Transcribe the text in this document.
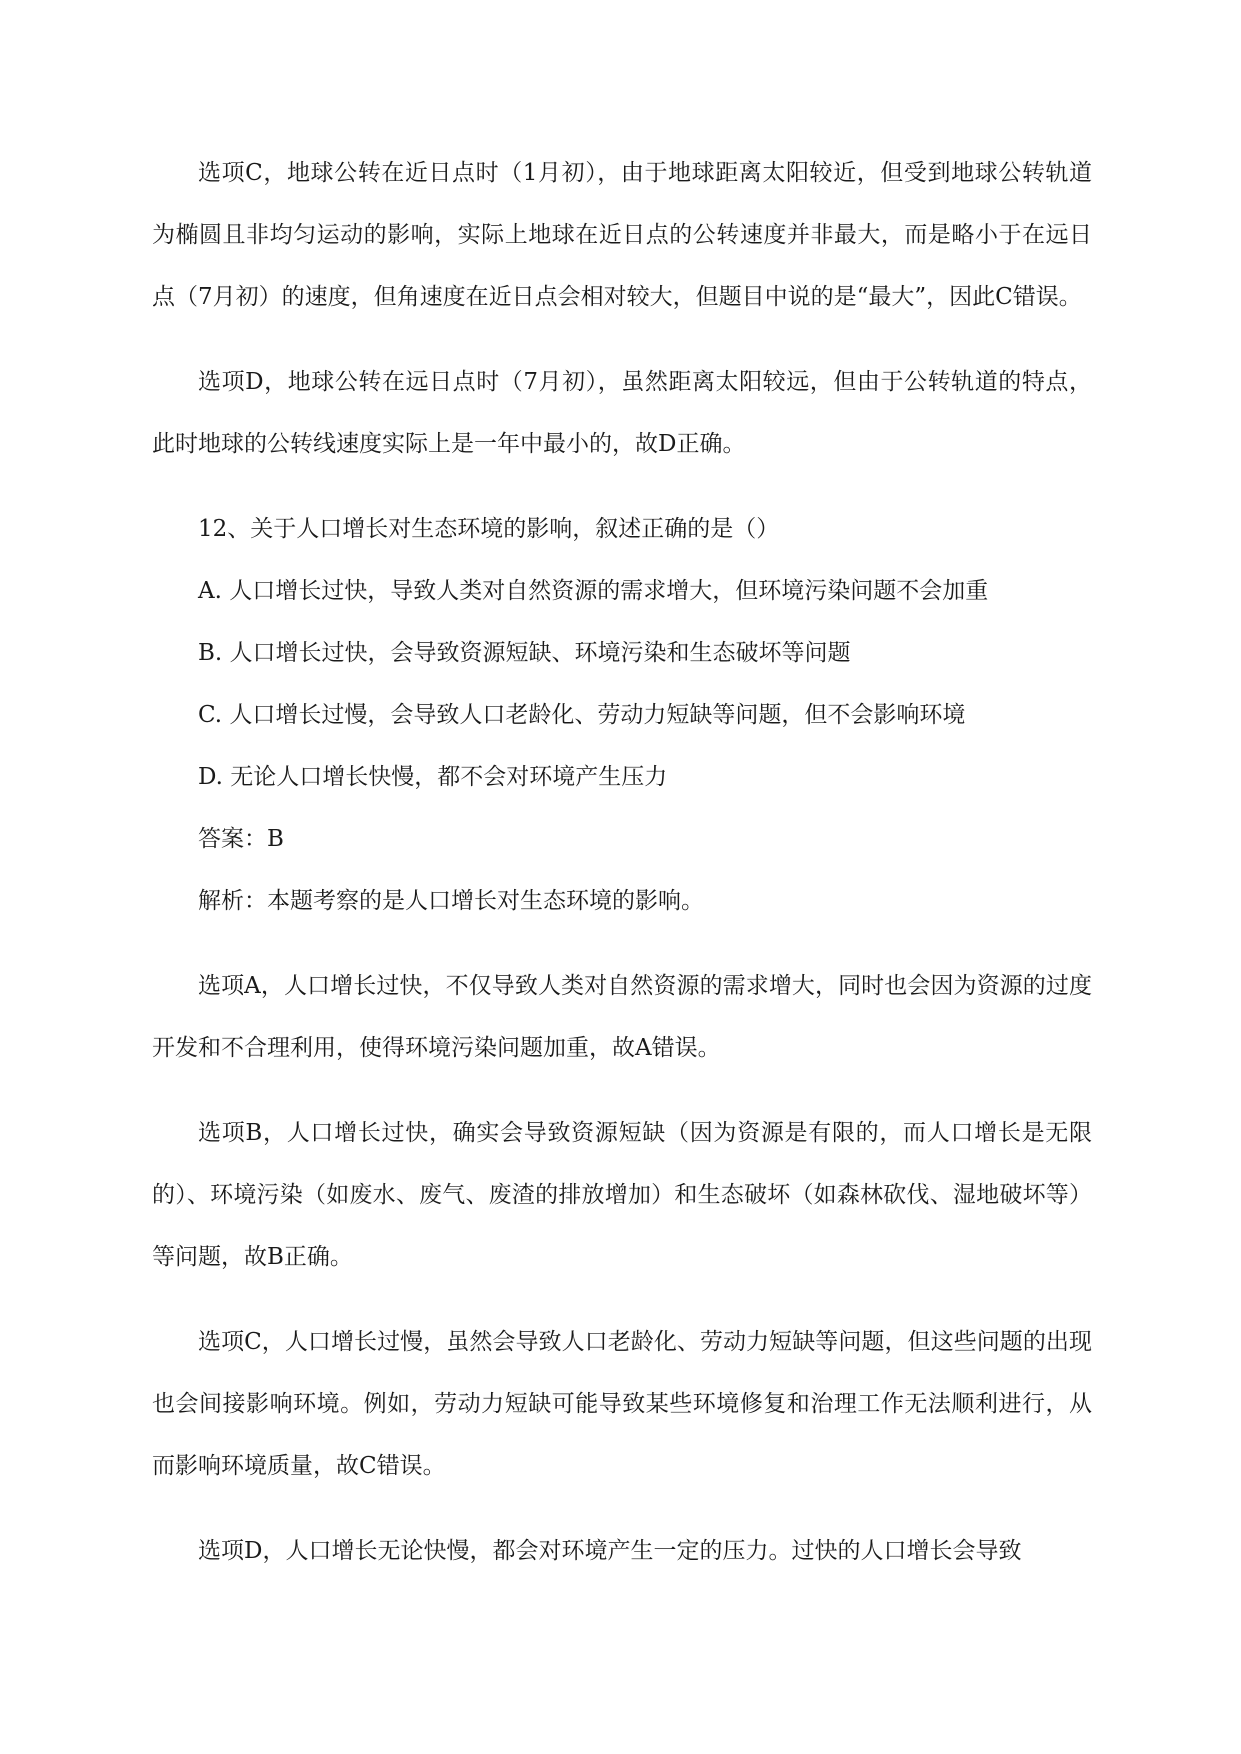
选项C，地球公转在近日点时（1月初），由于地球距离太阳较近，但受到地球公转轨道为椭圆且非均匀运动的影响，实际上地球在近日点的公转速度并非最大，而是略小于在远日点（7月初）的速度，但角速度在近日点会相对较大，但题目中说的是“最大”，因此C错误。

选项D，地球公转在远日点时（7月初），虽然距离太阳较远，但由于公转轨道的特点，此时地球的公转线速度实际上是一年中最小的，故D正确。

12、关于人口增长对生态环境的影响，叙述正确的是（）

A. 人口增长过快，导致人类对自然资源的需求增大，但环境污染问题不会加重

B. 人口增长过快，会导致资源短缺、环境污染和生态破坏等问题

C. 人口增长过慢，会导致人口老龄化、劳动力短缺等问题，但不会影响环境

D. 无论人口增长快慢，都不会对环境产生压力

答案：B

解析：本题考察的是人口增长对生态环境的影响。

选项A，人口增长过快，不仅导致人类对自然资源的需求增大，同时也会因为资源的过度开发和不合理利用，使得环境污染问题加重，故A错误。

选项B，人口增长过快，确实会导致资源短缺（因为资源是有限的，而人口增长是无限的）、环境污染（如废水、废气、废渣的排放增加）和生态破坏（如森林砍伐、湿地破坏等）等问题，故B正确。

选项C，人口增长过慢，虽然会导致人口老龄化、劳动力短缺等问题，但这些问题的出现也会间接影响环境。例如，劳动力短缺可能导致某些环境修复和治理工作无法顺利进行，从而影响环境质量，故C错误。

选项D，人口增长无论快慢，都会对环境产生一定的压力。过快的人口增长会导致
